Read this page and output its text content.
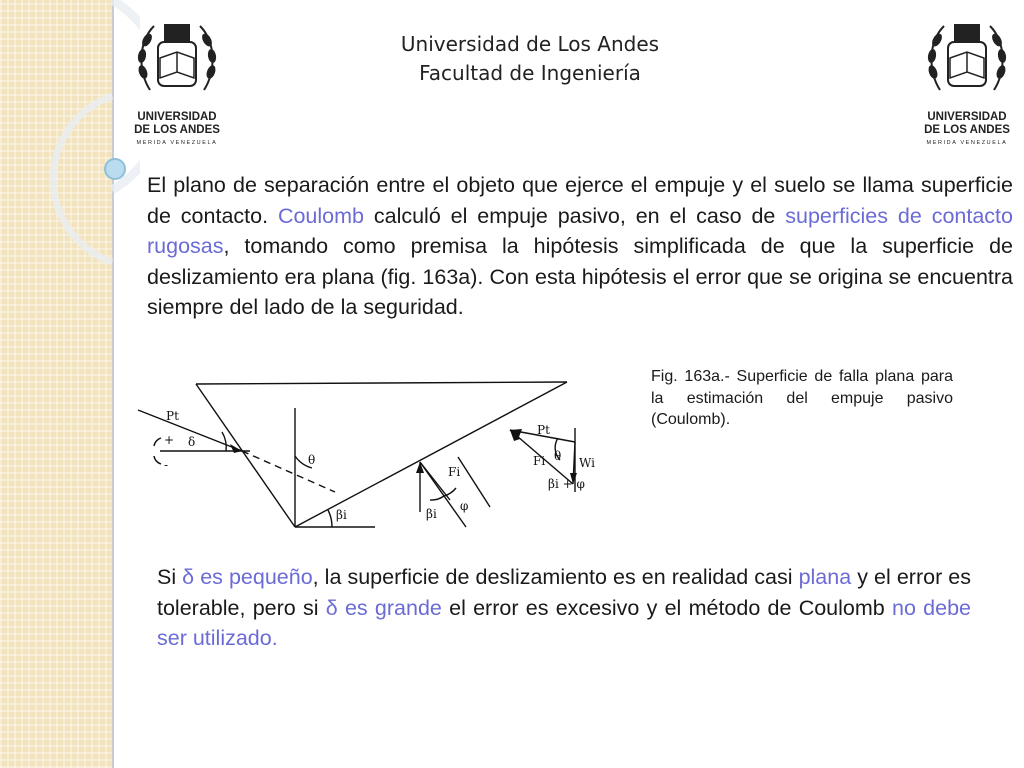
UNIVERSIDAD
DE LOS ANDES
MERIDA VENEZUELA
UNIVERSIDAD
DE LOS ANDES
MERIDA VENEZUELA
Universidad de Los Andes
Facultad de Ingeniería

El plano de separación entre el objeto que ejerce el empuje y el suelo se llama superficie de contacto. Coulomb calculó el empuje pasivo, en el caso de superficies de contacto rugosas, tomando como premisa la hipótesis simplificada de que la superficie de deslizamiento era plana (fig. 163a). Con esta hipótesis el error que se origina se encuentra siempre del lado de la seguridad.

Pt
+ δ
-	θ
βi
Fi
βi
φ
Pt
θ
Fi	Wi
βi + φ

Fig. 163a.- Superficie de falla plana para la estimación del empuje pasivo (Coulomb).

Si δ es pequeño, la superficie de deslizamiento es en realidad casi plana y el error es tolerable, pero si δ es grande el error es excesivo y el método de Coulomb no debe ser utilizado.
